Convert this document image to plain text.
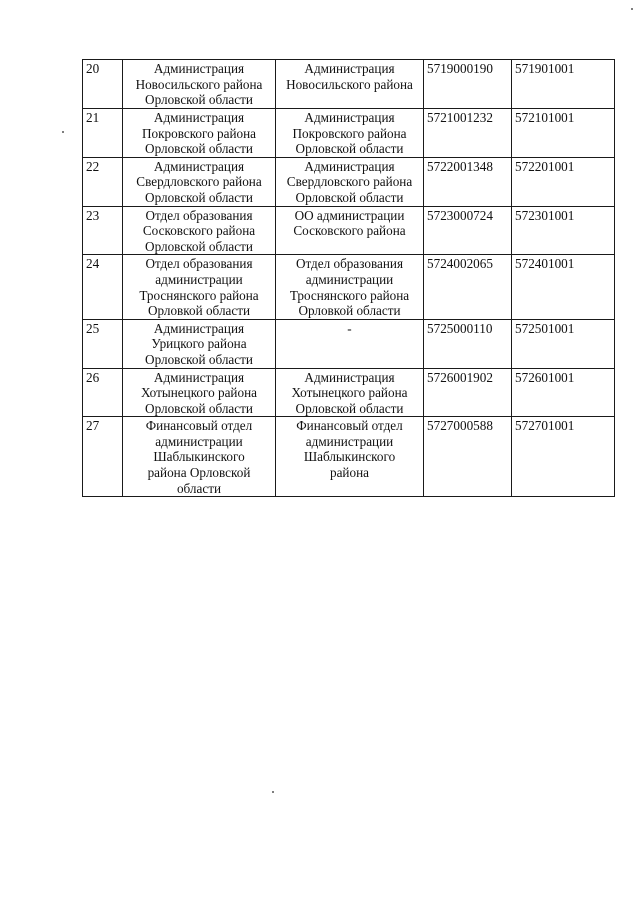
20	Администрация
Новосильского района
Орловской области	Администрация
Новосильского района	5719000190	571901001
21	Администрация
Покровского района
Орловской области	Администрация
Покровского района
Орловской области	5721001232	572101001
22	Администрация
Свердловского района
Орловской области	Администрация
Свердловского района
Орловской области	5722001348	572201001
23	Отдел образования
Сосковского района
Орловской области	ОО администрации
Сосковского района	5723000724	572301001
24	Отдел образования
администрации
Троснянского района
Орловкой области	Отдел образования
администрации
Троснянского района
Орловкой области	5724002065	572401001
25	Администрация
Урицкого района
Орловской области	-	5725000110	572501001
26	Администрация
Хотынецкого района
Орловской области	Администрация
Хотынецкого района
Орловской области	5726001902	572601001
27	Финансовый отдел
администрации
Шаблыкинского
района Орловской
области	Финансовый отдел
администрации
Шаблыкинского
района	5727000588	572701001
